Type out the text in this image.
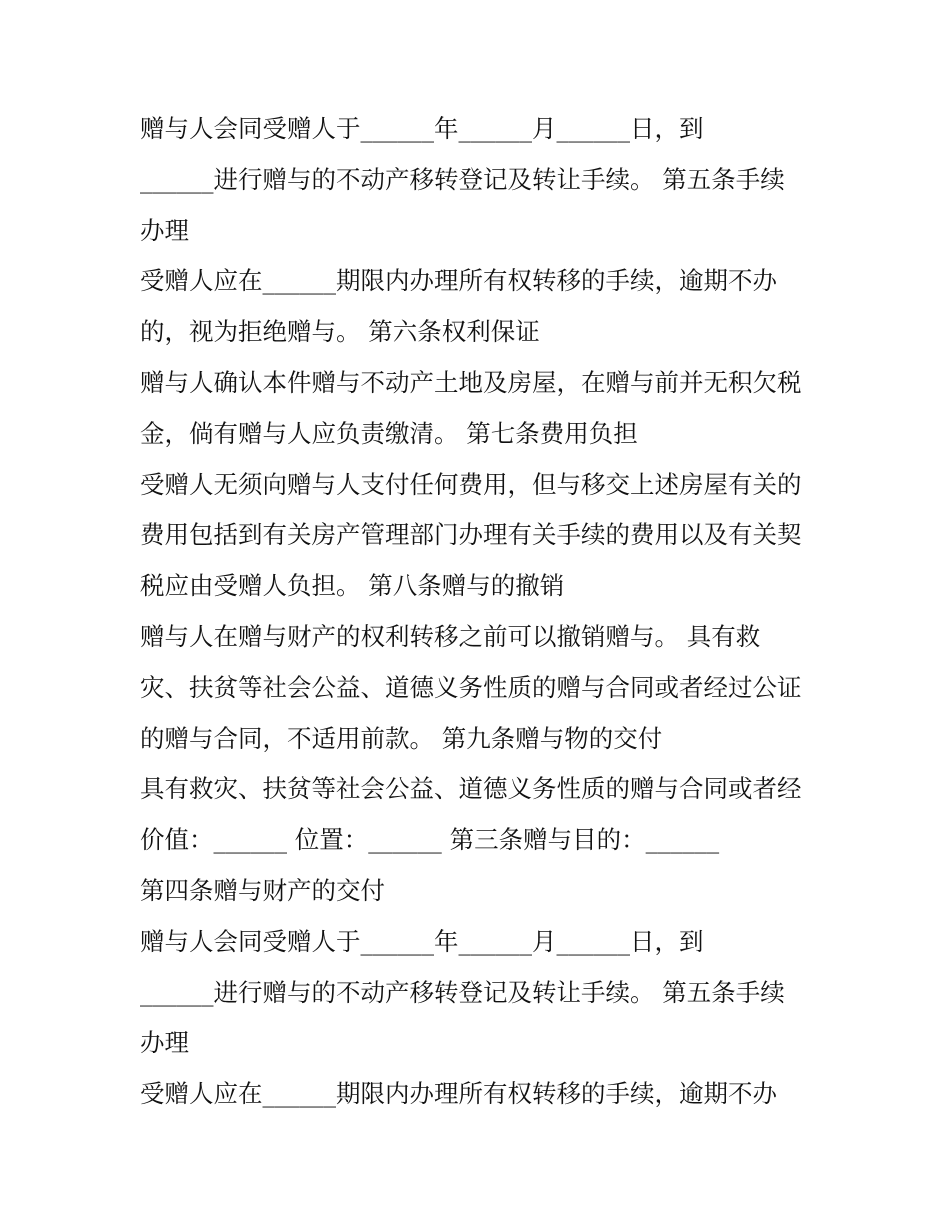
赠与人会同受赠人于______年______月______日，到
______进行赠与的不动产移转登记及转让手续。 第五条手续
办理
受赠人应在______期限内办理所有权转移的手续，逾期不办
的，视为拒绝赠与。 第六条权利保证
赠与人确认本件赠与不动产土地及房屋，在赠与前并无积欠税
金，倘有赠与人应负责缴清。 第七条费用负担
受赠人无须向赠与人支付任何费用，但与移交上述房屋有关的
费用包括到有关房产管理部门办理有关手续的费用以及有关契
税应由受赠人负担。 第八条赠与的撤销
赠与人在赠与财产的权利转移之前可以撤销赠与。 具有救
灾、扶贫等社会公益、道德义务性质的赠与合同或者经过公证
的赠与合同，不适用前款。 第九条赠与物的交付
具有救灾、扶贫等社会公益、道德义务性质的赠与合同或者经
价值：______ 位置：______ 第三条赠与目的：______
第四条赠与财产的交付
赠与人会同受赠人于______年______月______日，到
______进行赠与的不动产移转登记及转让手续。 第五条手续
办理
受赠人应在______期限内办理所有权转移的手续，逾期不办
